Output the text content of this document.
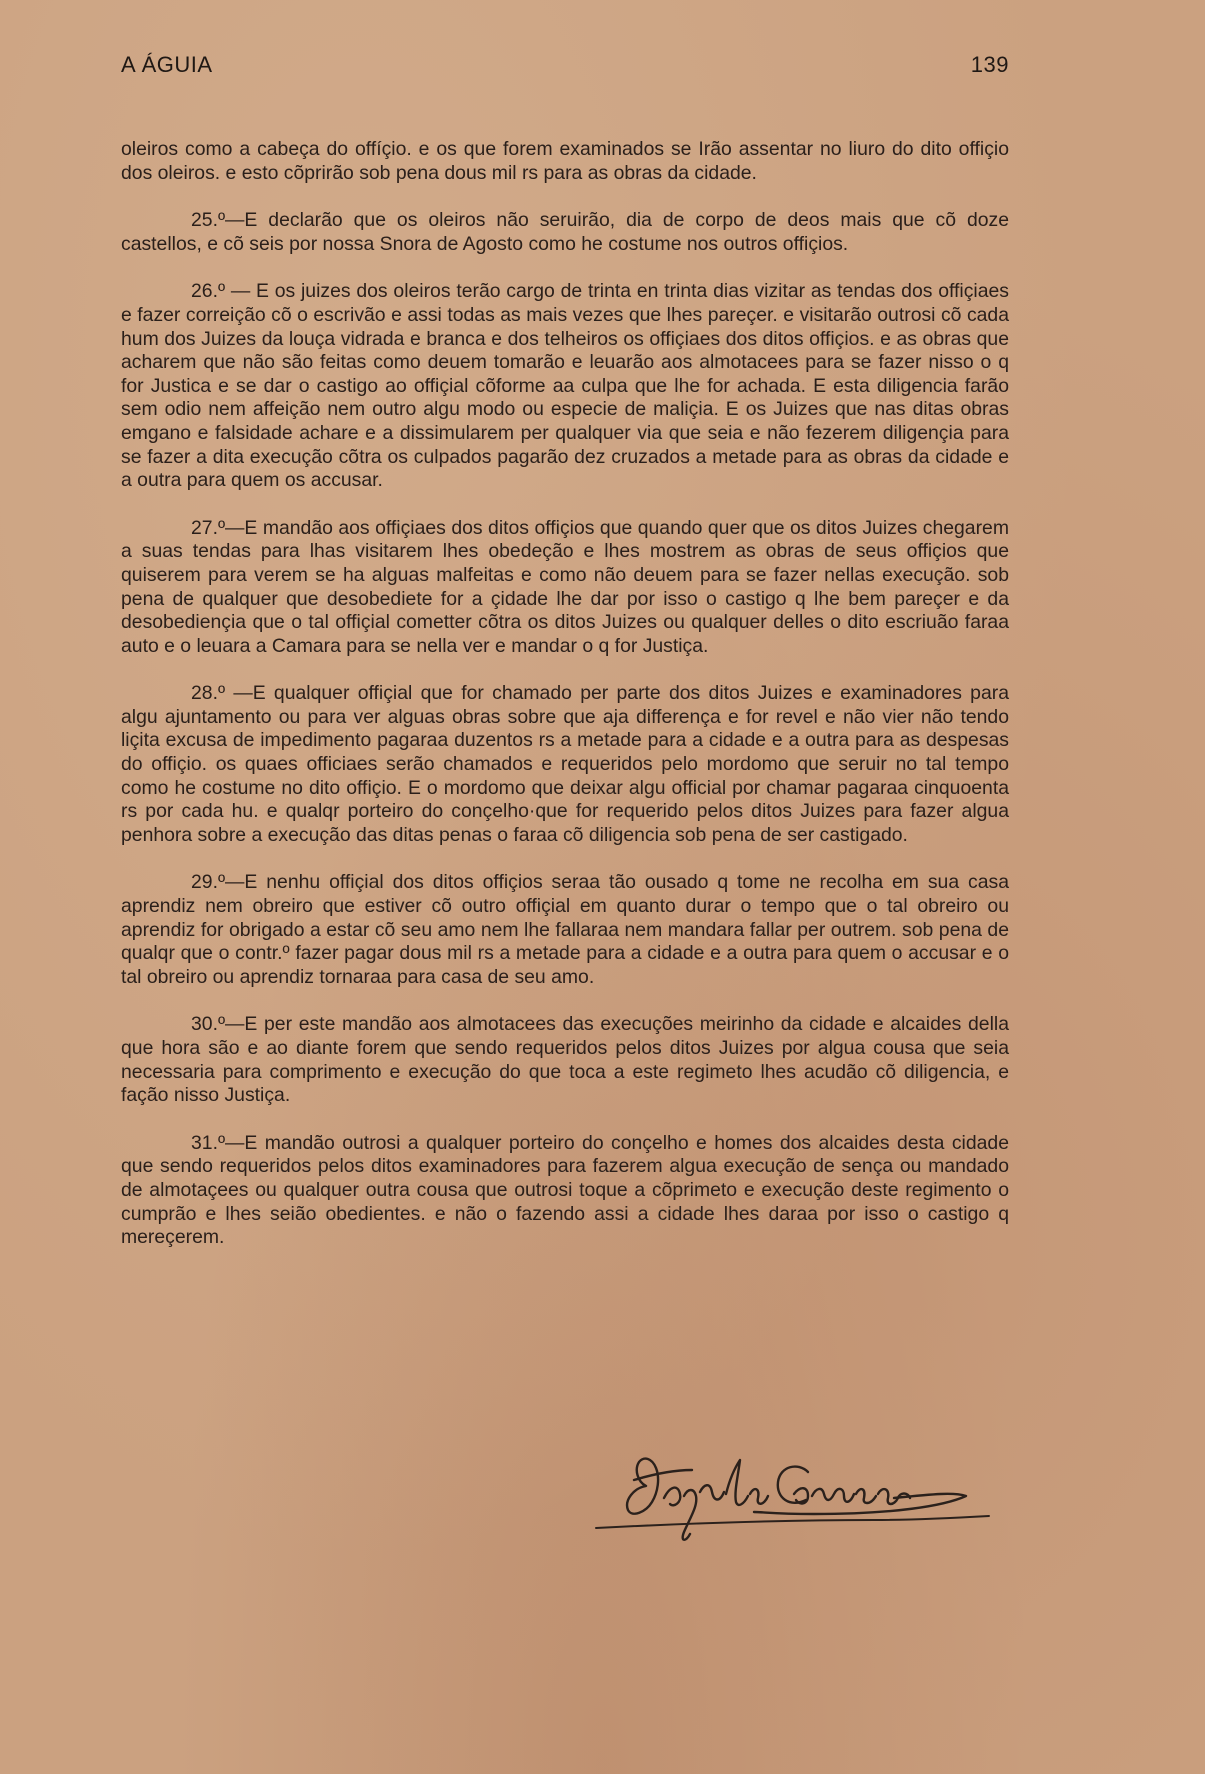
A ÁGUIA	139

oleiros como a cabeça do offíçio. e os que forem examinados se Irão assentar no liuro do dito offiçio dos oleiros. e esto cõprirão sob pena dous mil rs para as obras da cidade.

25.º—E declarão que os oleiros não seruirão, dia de corpo de deos mais que cõ doze castellos, e cõ seis por nossa Snora de Agosto como he costume nos outros offiçios.

26.º — E os juizes dos oleiros terão cargo de trinta en trinta dias vizitar as tendas dos offiçiaes e fazer correição cõ o escrivão e assi todas as mais vezes que lhes pareçer. e visitarão outrosi cõ cada hum dos Juizes da louça vidrada e branca e dos telheiros os offiçiaes dos ditos offiçios. e as obras que acharem que não são feitas como deuem tomarão e leuarão aos almotacees para se fazer nisso o q for Justica e se dar o castigo ao offiçial cõforme aa culpa que lhe for achada. E esta diligencia farão sem odio nem affeição nem outro algu modo ou especie de maliçia. E os Juizes que nas ditas obras emgano e falsidade achare e a dissimularem per qualquer via que seia e não fezerem diligençia para se fazer a dita execução cõtra os culpados pagarão dez cruzados a metade para as obras da cidade e a outra para quem os accusar.

27.º—E mandão aos offiçiaes dos ditos offiçios que quando quer que os ditos Juizes chegarem a suas tendas para lhas visitarem lhes obedeção e lhes mostrem as obras de seus offiçios que quiserem para verem se ha alguas malfeitas e como não deuem para se fazer nellas execução. sob pena de qualquer que desobediete for a çidade lhe dar por isso o castigo q lhe bem pareçer e da desobediençia que o tal offiçial cometter cõtra os ditos Juizes ou qualquer delles o dito escriuão faraa auto e o leuara a Camara para se nella ver e mandar o q for Justiça.

28.º —E qualquer offiçial que for chamado per parte dos ditos Juizes e examinadores para algu ajuntamento ou para ver alguas obras sobre que aja differença e for revel e não vier não tendo liçita excusa de impedimento pagaraa duzentos rs a metade para a cidade e a outra para as despesas do offiçio. os quaes officiaes serão chamados e requeridos pelo mordomo que seruir no tal tempo como he costume no dito offiçio. E o mordomo que deixar algu official por chamar pagaraa cinquoenta rs por cada hu. e qualqr porteiro do conçelho·que for requerido pelos ditos Juizes para fazer algua penhora sobre a execução das ditas penas o faraa cõ diligencia sob pena de ser castigado.

29.º—E nenhu offiçial dos ditos offiçios seraa tão ousado q tome ne recolha em sua casa aprendiz nem obreiro que estiver cõ outro offiçial em quanto durar o tempo que o tal obreiro ou aprendiz for obrigado a estar cõ seu amo nem lhe fallaraa nem mandara fallar per outrem. sob pena de qualqr que o contr.º fazer pagar dous mil rs a metade para a cidade e a outra para quem o accusar e o tal obreiro ou aprendiz tornaraa para casa de seu amo.

30.º—E per este mandão aos almotacees das execuções meirinho da cidade e alcaides della que hora são e ao diante forem que sendo requeridos pelos ditos Juizes por algua cousa que seia necessaria para comprimento e execução do que toca a este regimeto lhes acudão cõ diligencia, e fação nisso Justiça.

31.º—E mandão outrosi a qualquer porteiro do conçelho e homes dos alcaides desta cidade que sendo requeridos pelos ditos examinadores para fazerem algua execução de sença ou mandado de almotaçees ou qualquer outra cousa que outrosi toque a cõprimeto e execução deste regimento o cumprão e lhes seião obedientes. e não o fazendo assi a cidade lhes daraa por isso o castigo q mereçerem.
